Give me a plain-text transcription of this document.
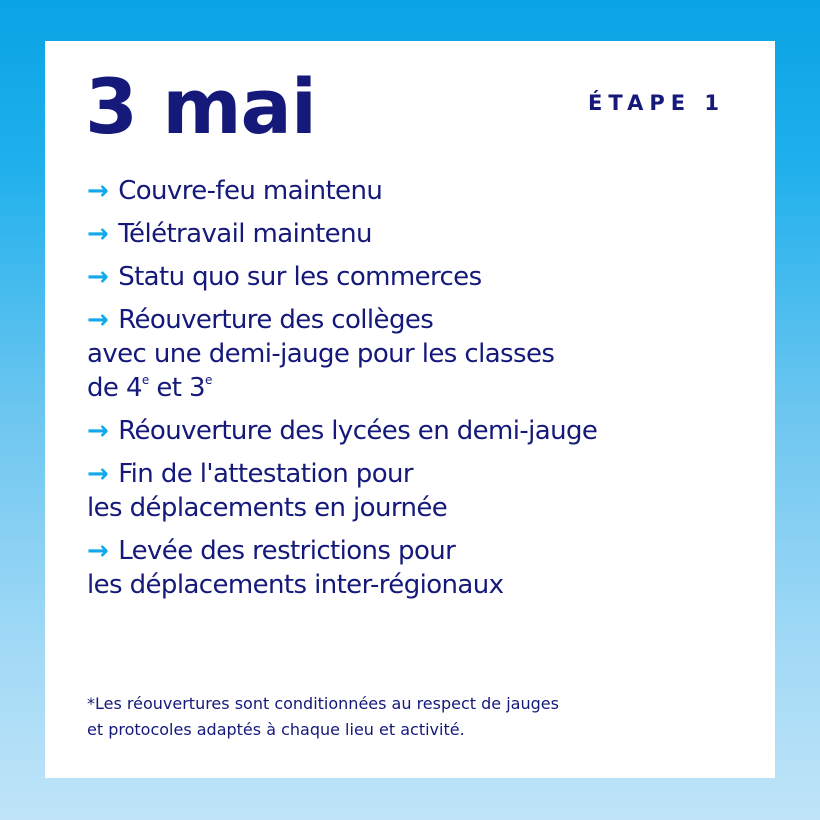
3 mai	ÉTAPE 1
→ Couvre-feu maintenu
→ Télétravail maintenu
→ Statu quo sur les commerces
→ Réouverture des collèges
avec une demi-jauge pour les classes
de 4e et $3^e$
→ Réouverture des lycées en demi-jauge
→ Fin de l'attestation pour
les déplacements en journée
→ Levée des restrictions pour
les déplacements inter-régionaux
*Les réouvertures sont conditionnées au respect de jauges
et protocoles adaptés à chaque lieu et activité.
